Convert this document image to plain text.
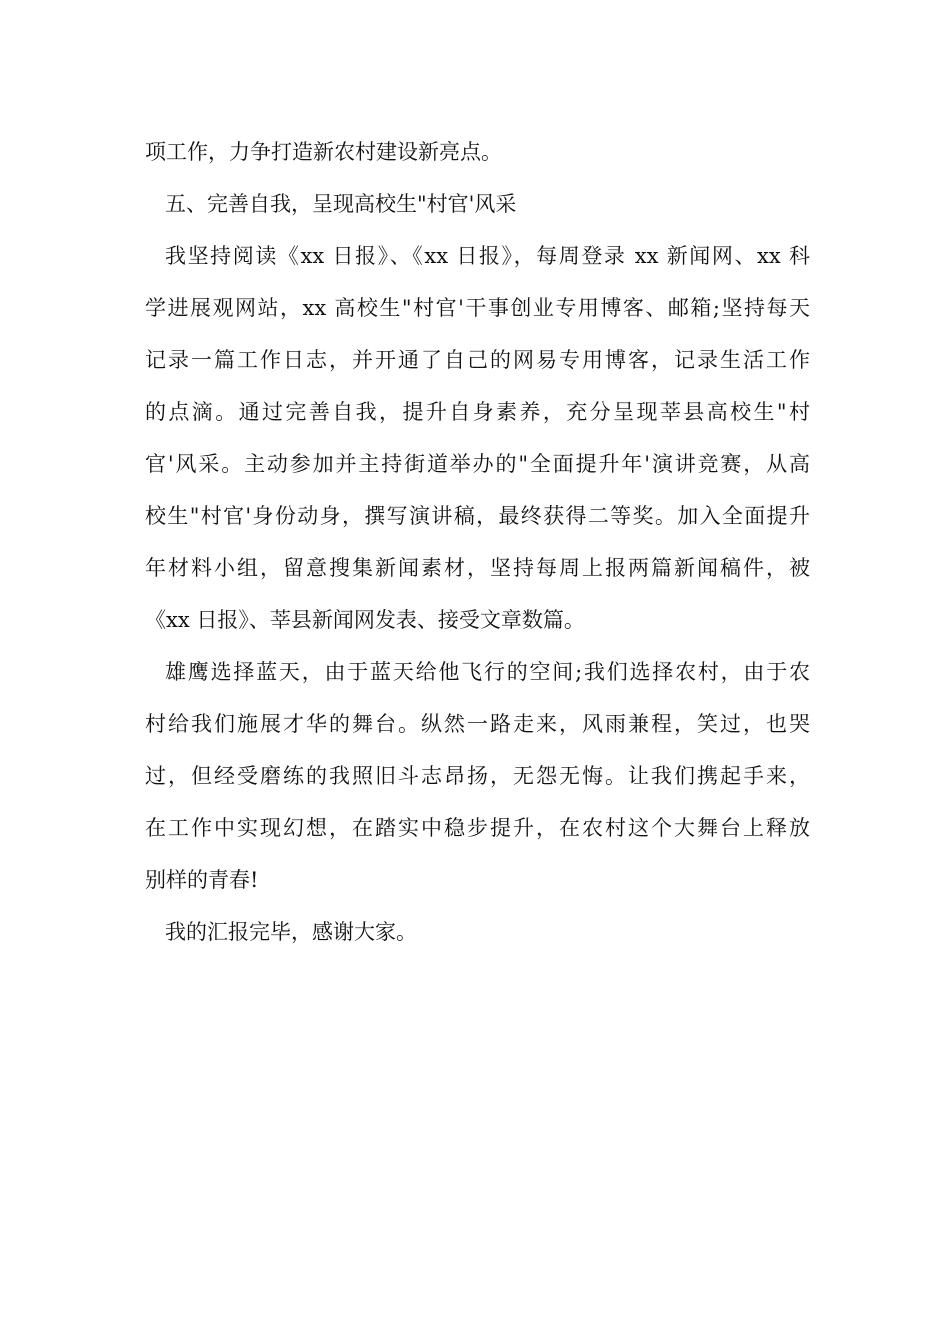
项工作，力争打造新农村建设新亮点。
五、完善自我，呈现高校生"村官'风采
我坚持阅读《xx 日报》、《xx 日报》，每周登录 xx 新闻网、xx 科
学进展观网站，xx 高校生"村官'干事创业专用博客、邮箱;坚持每天
记录一篇工作日志，并开通了自己的网易专用博客，记录生活工作
的点滴。通过完善自我，提升自身素养，充分呈现莘县高校生"村
官'风采。主动参加并主持街道举办的"全面提升年'演讲竞赛，从高
校生"村官'身份动身，撰写演讲稿，最终获得二等奖。加入全面提升
年材料小组，留意搜集新闻素材，坚持每周上报两篇新闻稿件，被
《xx 日报》、莘县新闻网发表、接受文章数篇。
雄鹰选择蓝天，由于蓝天给他飞行的空间;我们选择农村，由于农
村给我们施展才华的舞台。纵然一路走来，风雨兼程，笑过，也哭
过，但经受磨练的我照旧斗志昂扬，无怨无悔。让我们携起手来，
在工作中实现幻想，在踏实中稳步提升，在农村这个大舞台上释放
别样的青春!
我的汇报完毕，感谢大家。
